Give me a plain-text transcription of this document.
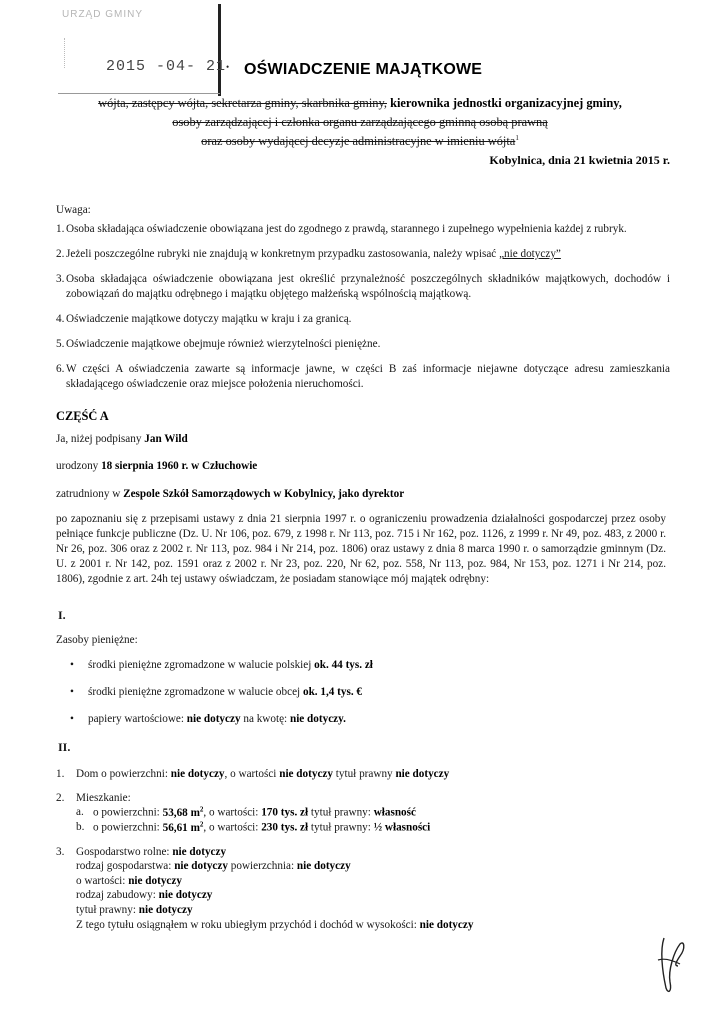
URZĄD GMINY
2015 -04- 21 • OŚWIADCZENIE MAJĄTKOWE
wójta, zastępcy wójta, sekretarza gminy, skarbnika gminy, kierownika jednostki organizacyjnej gminy,
osoby zarządzającej i członka organu zarządzającego gminną osobą prawną
oraz osoby wydającej decyzje administracyjne w imieniu wójta$^1$
Kobylnica, dnia 21 kwietnia 2015 r.
Uwaga:
1. Osoba składająca oświadczenie obowiązana jest do zgodnego z prawdą, starannego i zupełnego wypełnienia każdej z rubryk.
2. Jeżeli poszczególne rubryki nie znajdują w konkretnym przypadku zastosowania, należy wpisać „nie dotyczy”
3. Osoba składająca oświadczenie obowiązana jest określić przynależność poszczególnych składników majątkowych, dochodów i zobowiązań do majątku odrębnego i majątku objętego małżeńską wspólnością majątkową.
4. Oświadczenie majątkowe dotyczy majątku w kraju i za granicą.
5. Oświadczenie majątkowe obejmuje również wierzytelności pieniężne.
6. W części A oświadczenia zawarte są informacje jawne, w części B zaś informacje niejawne dotyczące adresu zamieszkania składającego oświadczenie oraz miejsce położenia nieruchomości.
CZĘŚĆ A
Ja, niżej podpisany Jan Wild
urodzony 18 sierpnia 1960 r. w Człuchowie
zatrudniony w Zespole Szkół Samorządowych w Kobylnicy, jako dyrektor
po zapoznaniu się z przepisami ustawy z dnia 21 sierpnia 1997 r. o ograniczeniu prowadzenia działalności gospodarczej przez osoby pełniące funkcje publiczne (Dz. U. Nr 106, poz. 679, z 1998 r. Nr 113, poz. 715 i Nr 162, poz. 1126, z 1999 r. Nr 49, poz. 483, z 2000 r. Nr 26, poz. 306 oraz z 2002 r. Nr 113, poz. 984 i Nr 214, poz. 1806) oraz ustawy z dnia 8 marca 1990 r. o samorządzie gminnym (Dz. U. z 2001 r. Nr 142, poz. 1591 oraz z 2002 r. Nr 23, poz. 220, Nr 62, poz. 558, Nr 113, poz. 984, Nr 153, poz. 1271 i Nr 214, poz. 1806), zgodnie z art. 24h tej ustawy oświadczam, że posiadam stanowiące mój majątek odrębny:
I.
Zasoby pieniężne:
• środki pieniężne zgromadzone w walucie polskiej ok. 44 tys. zł
• środki pieniężne zgromadzone w walucie obcej ok. 1,4 tys. €
• papiery wartościowe: nie dotyczy na kwotę: nie dotyczy.
II.
1. Dom o powierzchni: nie dotyczy, o wartości nie dotyczy tytuł prawny nie dotyczy
2. Mieszkanie:
a. o powierzchni: 53,68 $m^2$, o wartości: 170 tys. zł tytuł prawny: własność
b. o powierzchni: 56,61 $m^2$, o wartości: 230 tys. zł tytuł prawny: ½ własności
3. Gospodarstwo rolne: nie dotyczy
rodzaj gospodarstwa: nie dotyczy powierzchnia: nie dotyczy
o wartości: nie dotyczy
rodzaj zabudowy: nie dotyczy
tytuł prawny: nie dotyczy
Z tego tytułu osiągnąłem w roku ubiegłym przychód i dochód w wysokości: nie dotyczy
